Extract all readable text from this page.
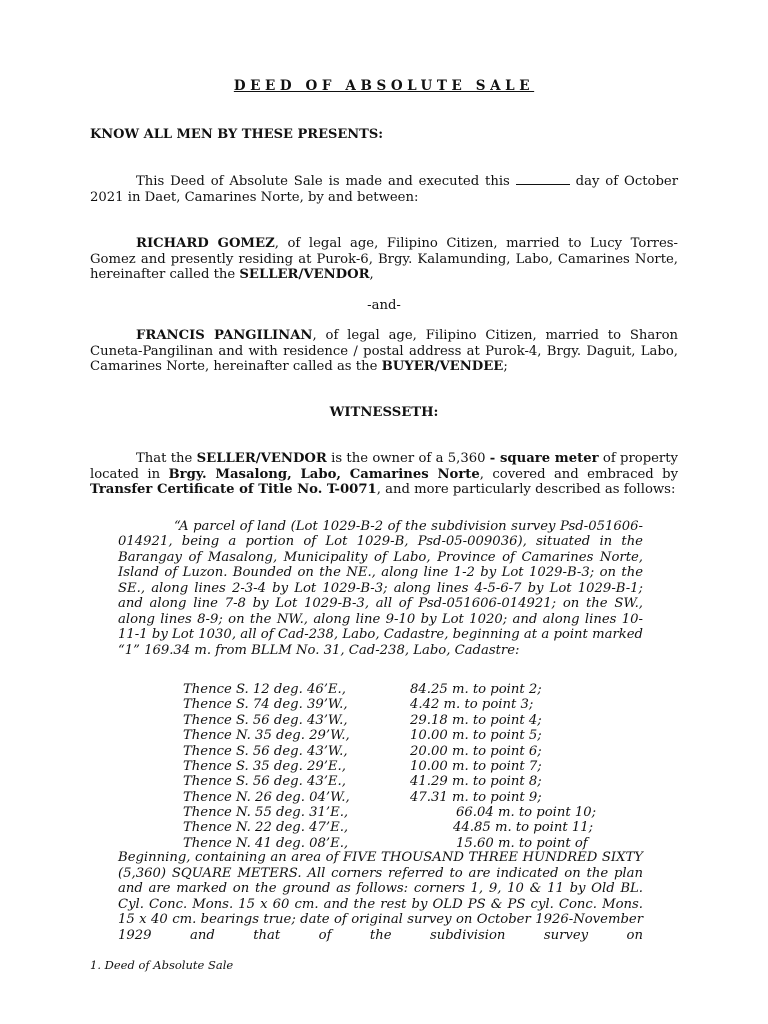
DEED OF ABSOLUTE SALE
KNOW ALL MEN BY THESE PRESENTS:
This Deed of Absolute Sale is made and executed this	day of October 2021 in Daet, Camarines Norte, by and between:
RICHARD GOMEZ, of legal age, Filipino Citizen, married to Lucy Torres-Gomez and presently residing at Purok-6, Brgy. Kalamunding, Labo, Camarines Norte, hereinafter called the SELLER/VENDOR,
-and-
FRANCIS PANGILINAN, of legal age, Filipino Citizen, married to Sharon Cuneta-Pangilinan and with residence / postal address at Purok-4, Brgy. Daguit, Labo, Camarines Norte, hereinafter called as the BUYER/VENDEE;
WITNESSETH:
That the SELLER/VENDOR is the owner of a 5,360 - square meter of property located in Brgy. Masalong, Labo, Camarines Norte, covered and embraced by Transfer Certificate of Title No. T-0071, and more particularly described as follows:
“A parcel of land (Lot 1029-B-2 of the subdivision survey Psd-051606-014921, being a portion of Lot 1029-B, Psd-05-009036), situated in the Barangay of Masalong, Municipality of Labo, Province of Camarines Norte, Island of Luzon. Bounded on the NE., along line 1-2 by Lot 1029-B-3; on the SE., along lines 2-3-4 by Lot 1029-B-3; along lines 4-5-6-7 by Lot 1029-B-1; and along line 7-8 by Lot 1029-B-3, all of Psd-051606-014921; on the SW., along lines 8-9; on the NW., along line 9-10 by Lot 1020; and along lines 10-11-1 by Lot 1030, all of Cad-238, Labo, Cadastre, beginning at a point marked “1” 169.34 m. from BLLM No. 31, Cad-238, Labo, Cadastre:
Thence S. 12 deg. 46’E.,	84.25 m. to point 2;
Thence S. 74 deg. 39’W.,	4.42 m. to point 3;
Thence S. 56 deg. 43’W.,	29.18 m. to point 4;
Thence N. 35 deg. 29’W.,	10.00 m. to point 5;
Thence S. 56 deg. 43’W.,	20.00 m. to point 6;
Thence S. 35 deg. 29’E.,	10.00 m. to point 7;
Thence S. 56 deg. 43’E.,	41.29 m. to point 8;
Thence N. 26 deg. 04’W.,	47.31 m. to point 9;
Thence N. 55 deg. 31’E.,	66.04 m. to point 10;
Thence N. 22 deg. 47’E.,	44.85 m. to point 11;
Thence N. 41 deg. 08’E.,	15.60 m. to point of
Beginning, containing an area of FIVE THOUSAND THREE HUNDRED SIXTY (5,360) SQUARE METERS. All corners referred to are indicated on the plan and are marked on the ground as follows: corners 1, 9, 10 & 11 by Old BL. Cyl. Conc. Mons. 15 x 60 cm. and the rest by OLD PS & PS cyl. Conc. Mons. 15 x 40 cm. bearings true; date of original survey on October 1926-November 1929 and that of the subdivision survey on
1. Deed of Absolute Sale
